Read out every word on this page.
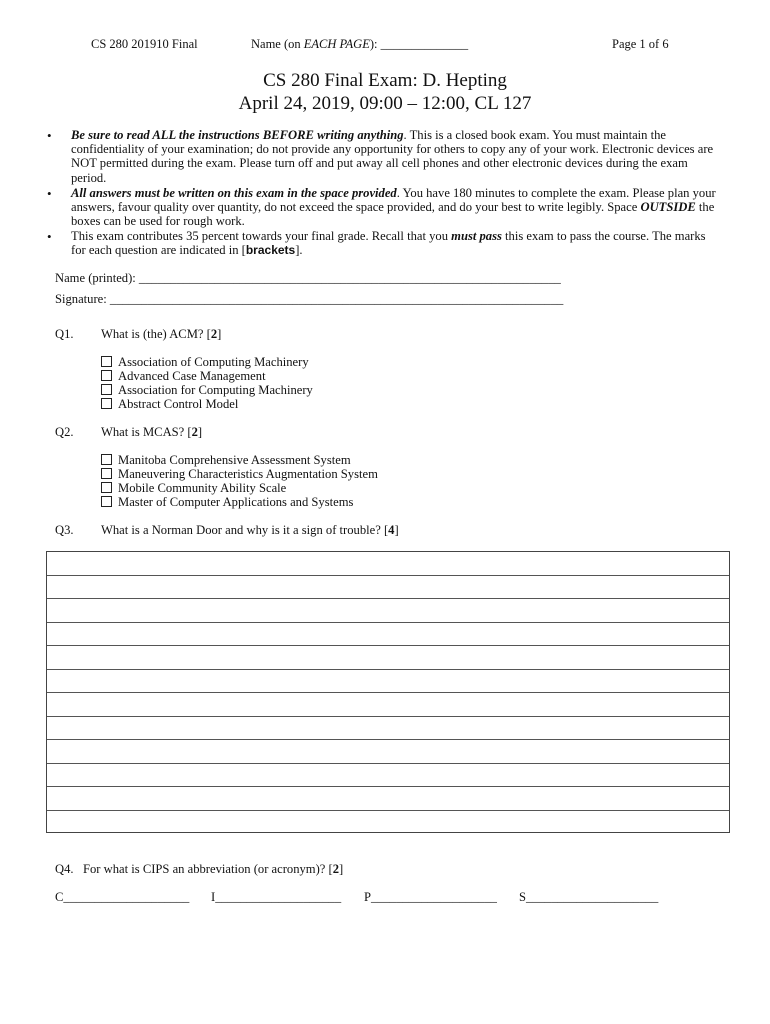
CS 280 201910 Final	Name (on EACH PAGE): ______________	Page 1 of 6
CS 280 Final Exam: D. Hepting
April 24, 2019, 09:00 – 12:00, CL 127
• Be sure to read ALL the instructions BEFORE writing anything. This is a closed book exam. You must maintain the confidentiality of your examination; do not provide any opportunity for others to copy any of your work. Electronic devices are NOT permitted during the exam. Please turn off and put away all cell phones and other electronic devices during the exam period.
• All answers must be written on this exam in the space provided. You have 180 minutes to complete the exam. Please plan your answers, favour quality over quantity, do not exceed the space provided, and do your best to write legibly. Space OUTSIDE the boxes can be used for rough work.
• This exam contributes 35 percent towards your final grade. Recall that you must pass this exam to pass the course. The marks for each question are indicated in [brackets].
Name (printed): ___________________________________________________________________
Signature: ________________________________________________________________________
Q1. What is (the) ACM? [2]
Association of Computing Machinery
Advanced Case Management
Association for Computing Machinery
Abstract Control Model
Q2. What is MCAS? [2]
Manitoba Comprehensive Assessment System
Maneuvering Characteristics Augmentation System
Mobile Community Ability Scale
Master of Computer Applications and Systems
Q3. What is a Norman Door and why is it a sign of trouble? [4]
Q4. For what is CIPS an abbreviation (or acronym)? [2]
C____________________ I____________________ P____________________ S_____________________
